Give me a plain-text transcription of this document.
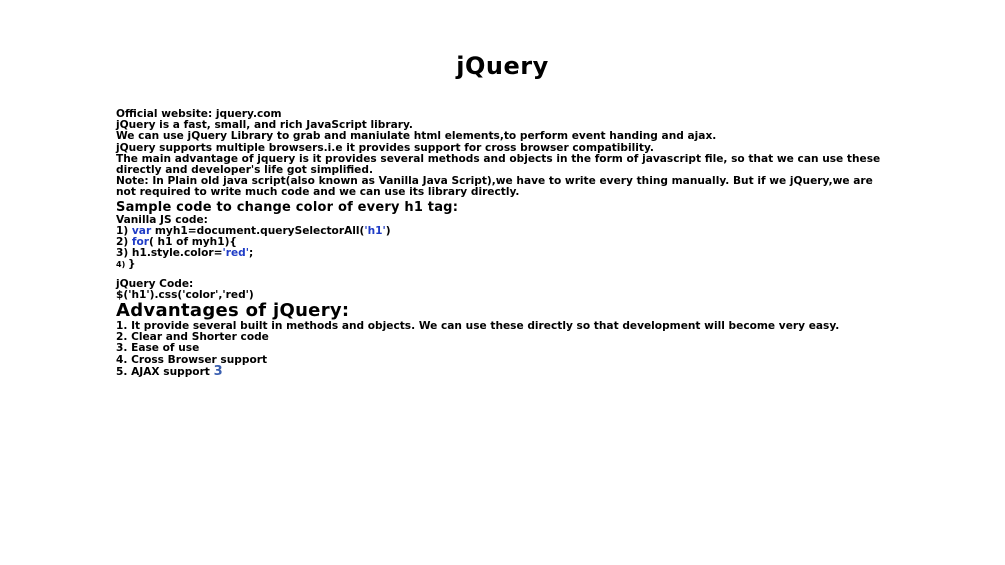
jQuery
Official website: jquery.com
jQuery is a fast, small, and rich JavaScript library.
We can use jQuery Library to grab and maniulate html elements,to perform event handing and ajax.
jQuery supports multiple browsers.i.e it provides support for cross browser compatibility.
The main advantage of jquery is it provides several methods and objects in the form of javascript file, so that we can use these directly and developer's life got simplified.
Note: In Plain old java script(also known as Vanilla Java Script),we have to write every thing manually. But if we jQuery,we are not required to write much code and we can use its library directly.
Sample code to change color of every h1 tag:
Vanilla JS code:
1) var myh1=document.querySelectorAll('h1')
2) for( h1 of myh1){
3) h1.style.color='red';
4) }
jQuery Code:
$('h1').css('color','red')
Advantages of jQuery:
1. It provide several built in methods and objects. We can use these directly so that development will become very easy.
2. Clear and Shorter code
3. Ease of use
4. Cross Browser support
5. AJAX support 3
